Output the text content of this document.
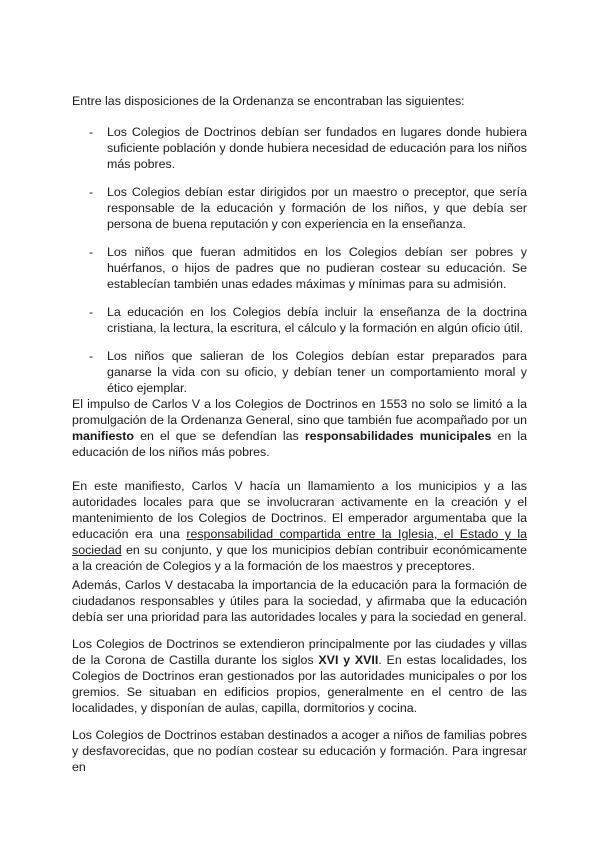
Entre las disposiciones de la Ordenanza se encontraban las siguientes:

- Los Colegios de Doctrinos debían ser fundados en lugares donde hubiera suficiente población y donde hubiera necesidad de educación para los niños más pobres.
- Los Colegios debían estar dirigidos por un maestro o preceptor, que sería responsable de la educación y formación de los niños, y que debía ser persona de buena reputación y con experiencia en la enseñanza.
- Los niños que fueran admitidos en los Colegios debían ser pobres y huérfanos, o hijos de padres que no pudieran costear su educación. Se establecían también unas edades máximas y mínimas para su admisión.
- La educación en los Colegios debía incluir la enseñanza de la doctrina cristiana, la lectura, la escritura, el cálculo y la formación en algún oficio útil.
- Los niños que salieran de los Colegios debían estar preparados para ganarse la vida con su oficio, y debían tener un comportamiento moral y ético ejemplar.

El impulso de Carlos V a los Colegios de Doctrinos en 1553 no solo se limitó a la promulgación de la Ordenanza General, sino que también fue acompañado por un manifiesto en el que se defendían las responsabilidades municipales en la educación de los niños más pobres.

En este manifiesto, Carlos V hacía un llamamiento a los municipios y a las autoridades locales para que se involucraran activamente en la creación y el mantenimiento de los Colegios de Doctrinos. El emperador argumentaba que la educación era una responsabilidad compartida entre la Iglesia, el Estado y la sociedad en su conjunto, y que los municipios debían contribuir económicamente a la creación de Colegios y a la formación de los maestros y preceptores.

Además, Carlos V destacaba la importancia de la educación para la formación de ciudadanos responsables y útiles para la sociedad, y afirmaba que la educación debía ser una prioridad para las autoridades locales y para la sociedad en general.

Los Colegios de Doctrinos se extendieron principalmente por las ciudades y villas de la Corona de Castilla durante los siglos XVI y XVII. En estas localidades, los Colegios de Doctrinos eran gestionados por las autoridades municipales o por los gremios. Se situaban en edificios propios, generalmente en el centro de las localidades, y disponían de aulas, capilla, dormitorios y cocina.

Los Colegios de Doctrinos estaban destinados a acoger a niños de familias pobres y desfavorecidas, que no podían costear su educación y formación. Para ingresar en
